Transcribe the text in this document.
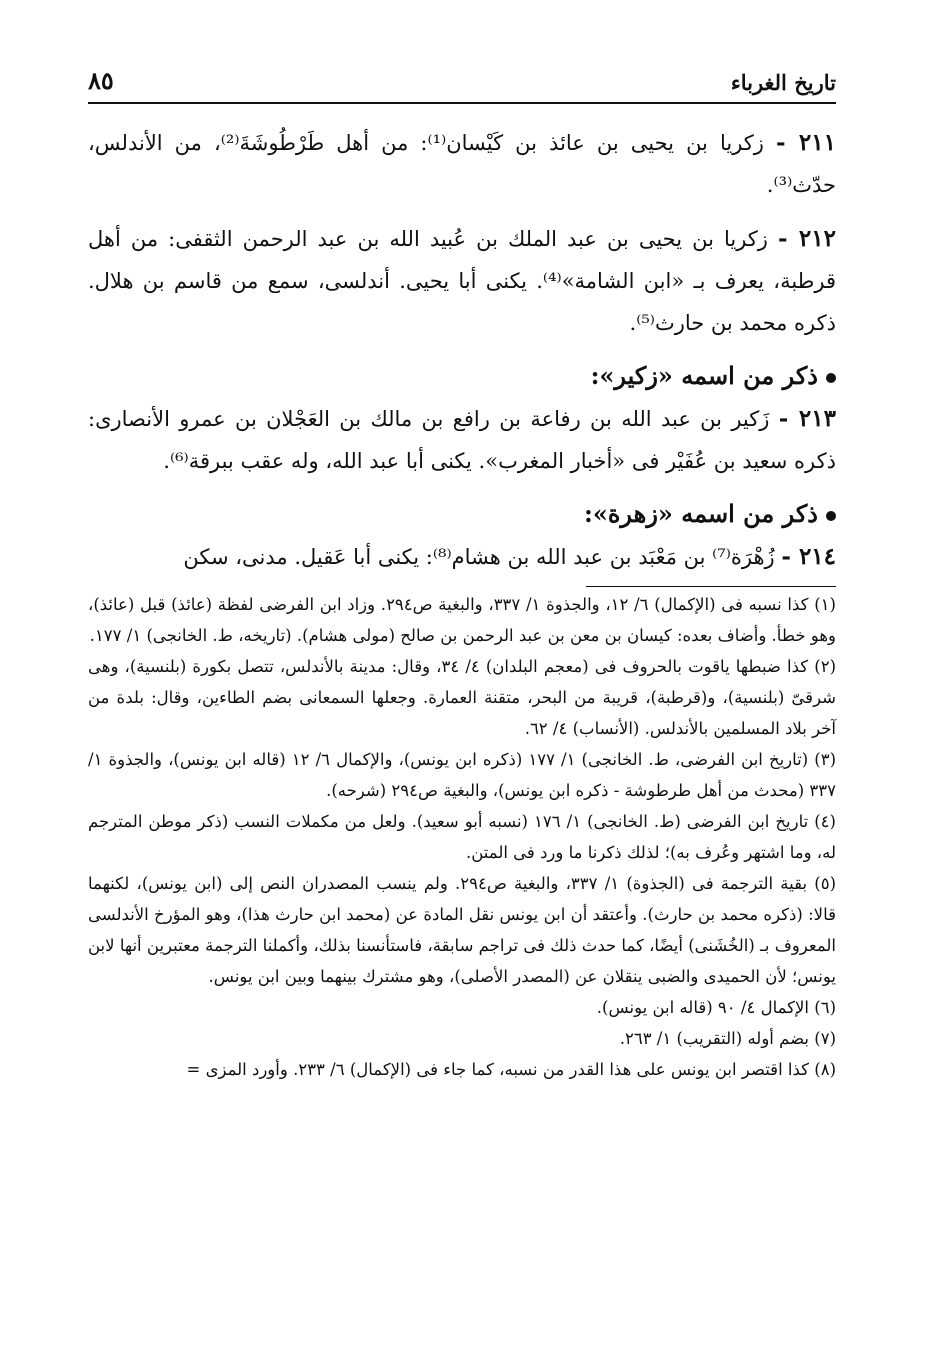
تاريخ الغرباء
٨٥

٢١١ - زكريا بن يحيى بن عائذ بن كَيْسان⁽¹⁾: من أهل طَرْطُوشَةَ⁽²⁾، من الأندلس، حدّث⁽³⁾.

٢١٢ - زكريا بن يحيى بن عبد الملك بن عُبيد الله بن عبد الرحمن الثقفى: من أهل قرطبة، يعرف بـ «ابن الشامة»⁽⁴⁾. يكنى أبا يحيى. أندلسى، سمع من قاسم بن هلال. ذكره محمد بن حارث⁽⁵⁾.

ذكر من اسمه «زكير»:

٢١٣ - زَكير بن عبد الله بن رفاعة بن رافع بن مالك بن العَجْلان بن عمرو الأنصارى: ذكره سعيد بن عُفَيْر فى «أخبار المغرب». يكنى أبا عبد الله، وله عقب ببرقة⁽⁶⁾.

ذكر من اسمه «زهرة»:

٢١٤ - زُهْرَة⁽⁷⁾ بن مَعْبَد بن عبد الله بن هشام⁽⁸⁾: يكنى أبا عَقيل. مدنى، سكن

(١) كذا نسبه فى (الإكمال) ٦/ ١٢، والجذوة ١/ ٣٣٧، والبغية ص٢٩٤. وزاد ابن الفرضى لفظة (عائذ) قبل (عائذ)، وهو خطأ. وأضاف بعده: كيسان بن معن بن عبد الرحمن بن صالح (مولى هشام). (تاريخه، ط. الخانجى) ١/ ١٧٧.

(٢) كذا ضبطها ياقوت بالحروف فى (معجم البلدان) ٤/ ٣٤، وقال: مدينة بالأندلس، تتصل بكورة (بلنسية)، وهى شرقىّ (بلنسية)، و(قرطبة)، قريبة من البحر، متقنة العمارة. وجعلها السمعانى بضم الطاءين، وقال: بلدة من آخر بلاد المسلمين بالأندلس. (الأنساب) ٤/ ٦٢.

(٣) (تاريخ ابن الفرضى، ط. الخانجى) ١/ ١٧٧ (ذكره ابن يونس)، والإكمال ٦/ ١٢ (قاله ابن يونس)، والجذوة ١/ ٣٣٧ (محدث من أهل طرطوشة - ذكره ابن يونس)، والبغية ص٢٩٤ (شرحه).

(٤) تاريخ ابن الفرضى (ط. الخانجى) ١/ ١٧٦ (نسبه أبو سعيد). ولعل من مكملات النسب (ذكر موطن المترجم له، وما اشتهر وعُرف به)؛ لذلك ذكرنا ما ورد فى المتن.

(٥) بقية الترجمة فى (الجذوة) ١/ ٣٣٧، والبغية ص٢٩٤. ولم ينسب المصدران النص إلى (ابن يونس)، لكنهما قالا: (ذكره محمد بن حارث). وأعتقد أن ابن يونس نقل المادة عن (محمد ابن حارث هذا)، وهو المؤرخ الأندلسى المعروف بـ (الخُشَنى) أيضًا، كما حدث ذلك فى تراجم سابقة، فاستأنسنا بذلك، وأكملنا الترجمة معتبرين أنها لابن يونس؛ لأن الحميدى والضبى ينقلان عن (المصدر الأصلى)، وهو مشترك بينهما وبين ابن يونس.

(٦) الإكمال ٤/ ٩٠ (قاله ابن يونس).

(٧) بضم أوله (التقريب) ١/ ٢٦٣.

(٨) كذا اقتصر ابن يونس على هذا القدر من نسبه، كما جاء فى (الإكمال) ٦/ ٢٣٣. وأورد المزى =
